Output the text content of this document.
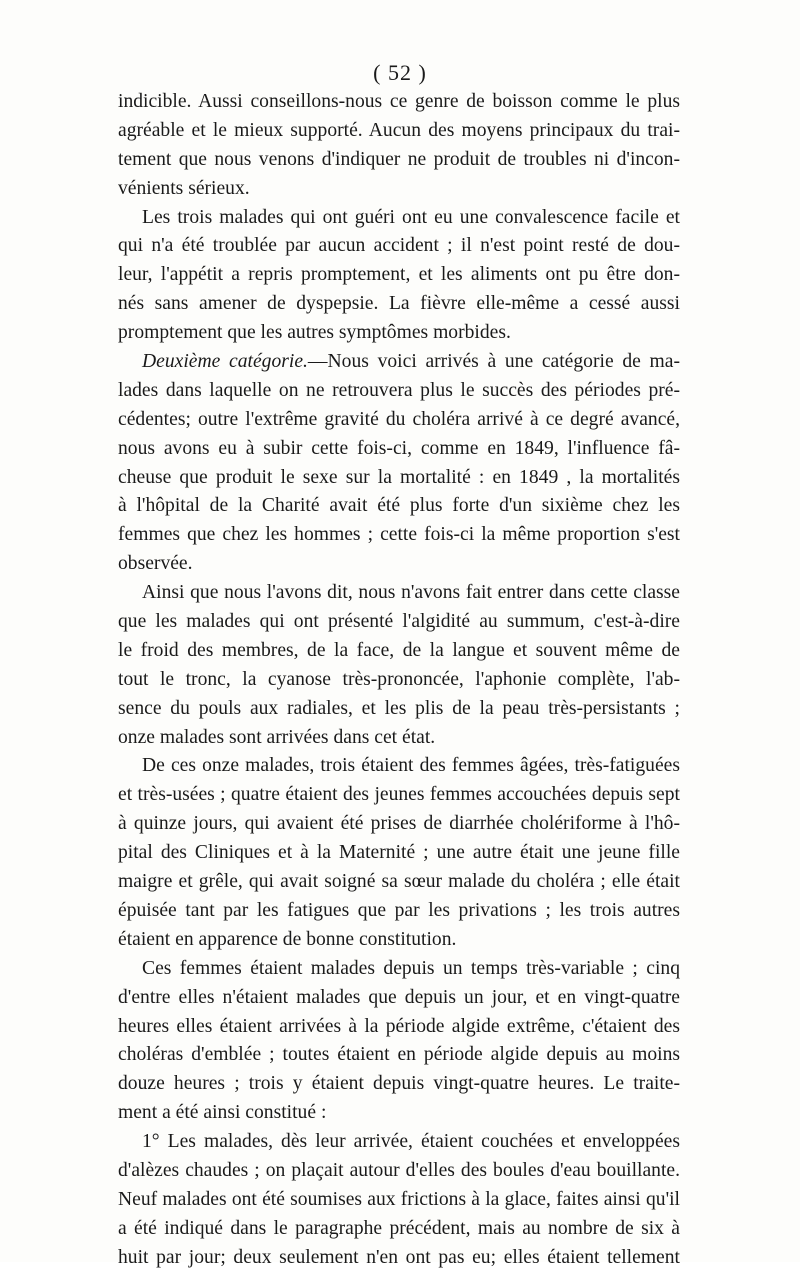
( 52 )
indicible. Aussi conseillons-nous ce genre de boisson comme le plus
agréable et le mieux supporté. Aucun des moyens principaux du trai-
tement que nous venons d'indiquer ne produit de troubles ni d'incon-
vénients sérieux.
Les trois malades qui ont guéri ont eu une convalescence facile et
qui n'a été troublée par aucun accident ; il n'est point resté de dou-
leur, l'appétit a repris promptement, et les aliments ont pu être don-
nés sans amener de dyspepsie. La fièvre elle-même a cessé aussi
promptement que les autres symptômes morbides.
Deuxième catégorie.—Nous voici arrivés à une catégorie de ma-
lades dans laquelle on ne retrouvera plus le succès des périodes pré-
cédentes; outre l'extrême gravité du choléra arrivé à ce degré avancé,
nous avons eu à subir cette fois-ci, comme en 1849, l'influence fâ-
cheuse que produit le sexe sur la mortalité : en 1849 , la mortalités
à l'hôpital de la Charité avait été plus forte d'un sixième chez les
femmes que chez les hommes ; cette fois-ci la même proportion s'est
observée.
Ainsi que nous l'avons dit, nous n'avons fait entrer dans cette classe
que les malades qui ont présenté l'algidité au summum, c'est-à-dire
le froid des membres, de la face, de la langue et souvent même de
tout le tronc, la cyanose très-prononcée, l'aphonie complète, l'ab-
sence du pouls aux radiales, et les plis de la peau très-persistants ;
onze malades sont arrivées dans cet état.
De ces onze malades, trois étaient des femmes âgées, très-fatiguées
et très-usées ; quatre étaient des jeunes femmes accouchées depuis sept
à quinze jours, qui avaient été prises de diarrhée cholériforme à l'hô-
pital des Cliniques et à la Maternité ; une autre était une jeune fille
maigre et grêle, qui avait soigné sa sœur malade du choléra ; elle était
épuisée tant par les fatigues que par les privations ; les trois autres
étaient en apparence de bonne constitution.
Ces femmes étaient malades depuis un temps très-variable ; cinq
d'entre elles n'étaient malades que depuis un jour, et en vingt-quatre
heures elles étaient arrivées à la période algide extrême, c'étaient des
choléras d'emblée ; toutes étaient en période algide depuis au moins
douze heures ; trois y étaient depuis vingt-quatre heures. Le traite-
ment a été ainsi constitué :
1° Les malades, dès leur arrivée, étaient couchées et enveloppées
d'alèzes chaudes ; on plaçait autour d'elles des boules d'eau bouillante.
Neuf malades ont été soumises aux frictions à la glace, faites ainsi qu'il
a été indiqué dans le paragraphe précédent, mais au nombre de six à
huit par jour; deux seulement n'en ont pas eu; elles étaient tellement
